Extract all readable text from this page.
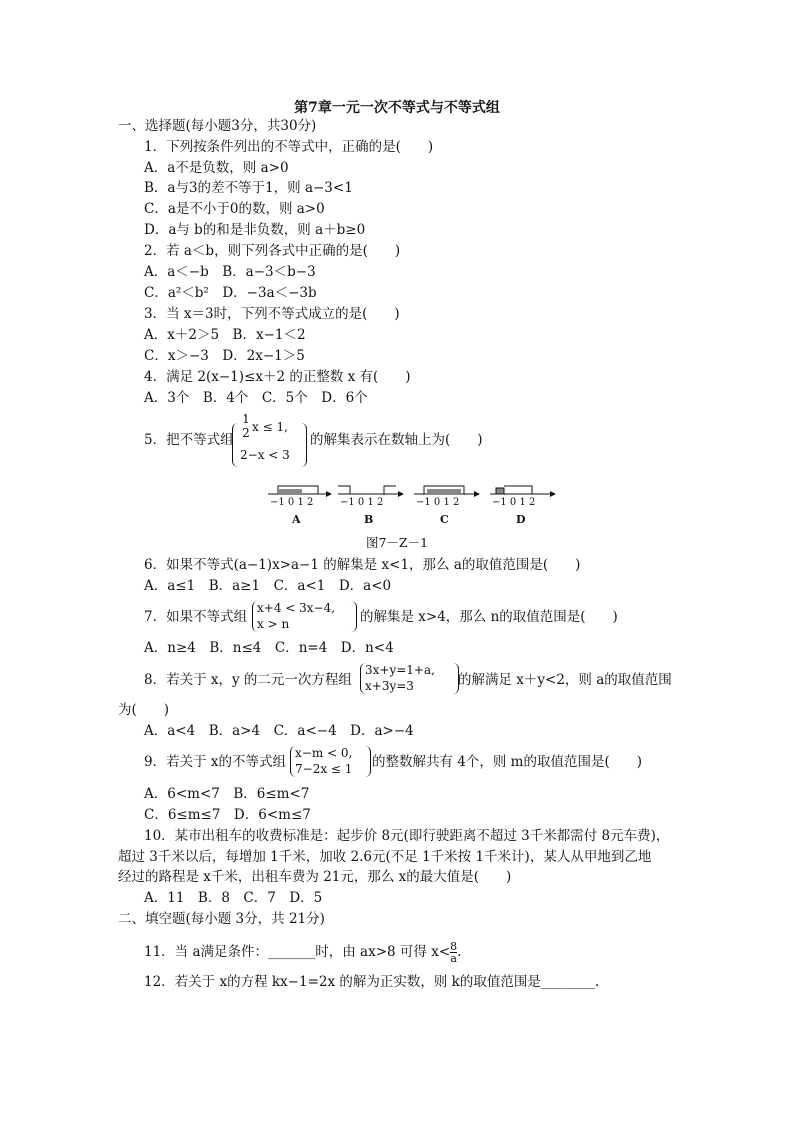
第7章一元一次不等式与不等式组
一、选择题(每小题3分，共30分)
1．下列按条件列出的不等式中，正确的是(　　)
A．a不是负数，则 a>0
B．a与3的差不等于1，则 a−3<1
C．a是不小于0的数，则 a>0
D．a与 b的和是非负数，则 a＋b≥0
2．若 a＜b，则下列各式中正确的是(　　)
A．a＜−b　B．a−3＜b−3
C．a²＜b²　D．−3a＜−3b
3．当 x＝3时，下列不等式成立的是(　　)
A．x＋2＞5　B．x−1＜2
C．x＞−3　D．2x−1＞5
4．满足 2(x−1)≤x＋2 的正整数 x 有(　　)
A．3个　B．4个　C．5个　D．6个
5．把不等式组
1
2 x ≤ 1,
2−x < 3
的解集表示在数轴上为(　　)
−1 0 1 2	−1 0 1 2	−1 0 1 2	−1 0 1 2
A	B	C	D
图7－Z－1
6．如果不等式(a−1)x>a−1 的解集是 x<1，那么 a的取值范围是(　　)
A．a≤1　B．a≥1　C．a<1　D．a<0
7．如果不等式组
x+4 < 3x−4,
x > n	的解集是 x>4，那么 n的取值范围是(　　)
A．n≥4　B．n≤4　C．n=4　D．n<4
8．若关于 x，y 的二元一次方程组
3x+y=1+a,
x+3y=3	的解满足 x＋y<2，则 a的取值范围
为(　　)
A．a<4　B．a>4　C．a<−4　D．a>−4
9．若关于 x的不等式组
x−m < 0,
7−2x ≤ 1 的整数解共有 4个，则 m的取值范围是(　　)
A．6<m<7　B．6≤m<7
C．6≤m≤7　D．6<m≤7
10．某市出租车的收费标准是：起步价 8元(即行驶距离不超过 3千米都需付 8元车费)，
超过 3千米以后，每增加 1千米，加收 2.6元(不足 1千米按 1千米计)，某人从甲地到乙地
经过的路程是 x千米，出租车费为 21元，那么 x的最大值是(　　)
A．11　B．8　C．7　D．5
二、填空题(每小题 3分，共 21分)
11．当 a满足条件：_______时，由 ax>8 可得 $x< \frac{8}{a}$ .
12．若关于 x的方程 kx−1=2x 的解为正实数，则 k的取值范围是________.
